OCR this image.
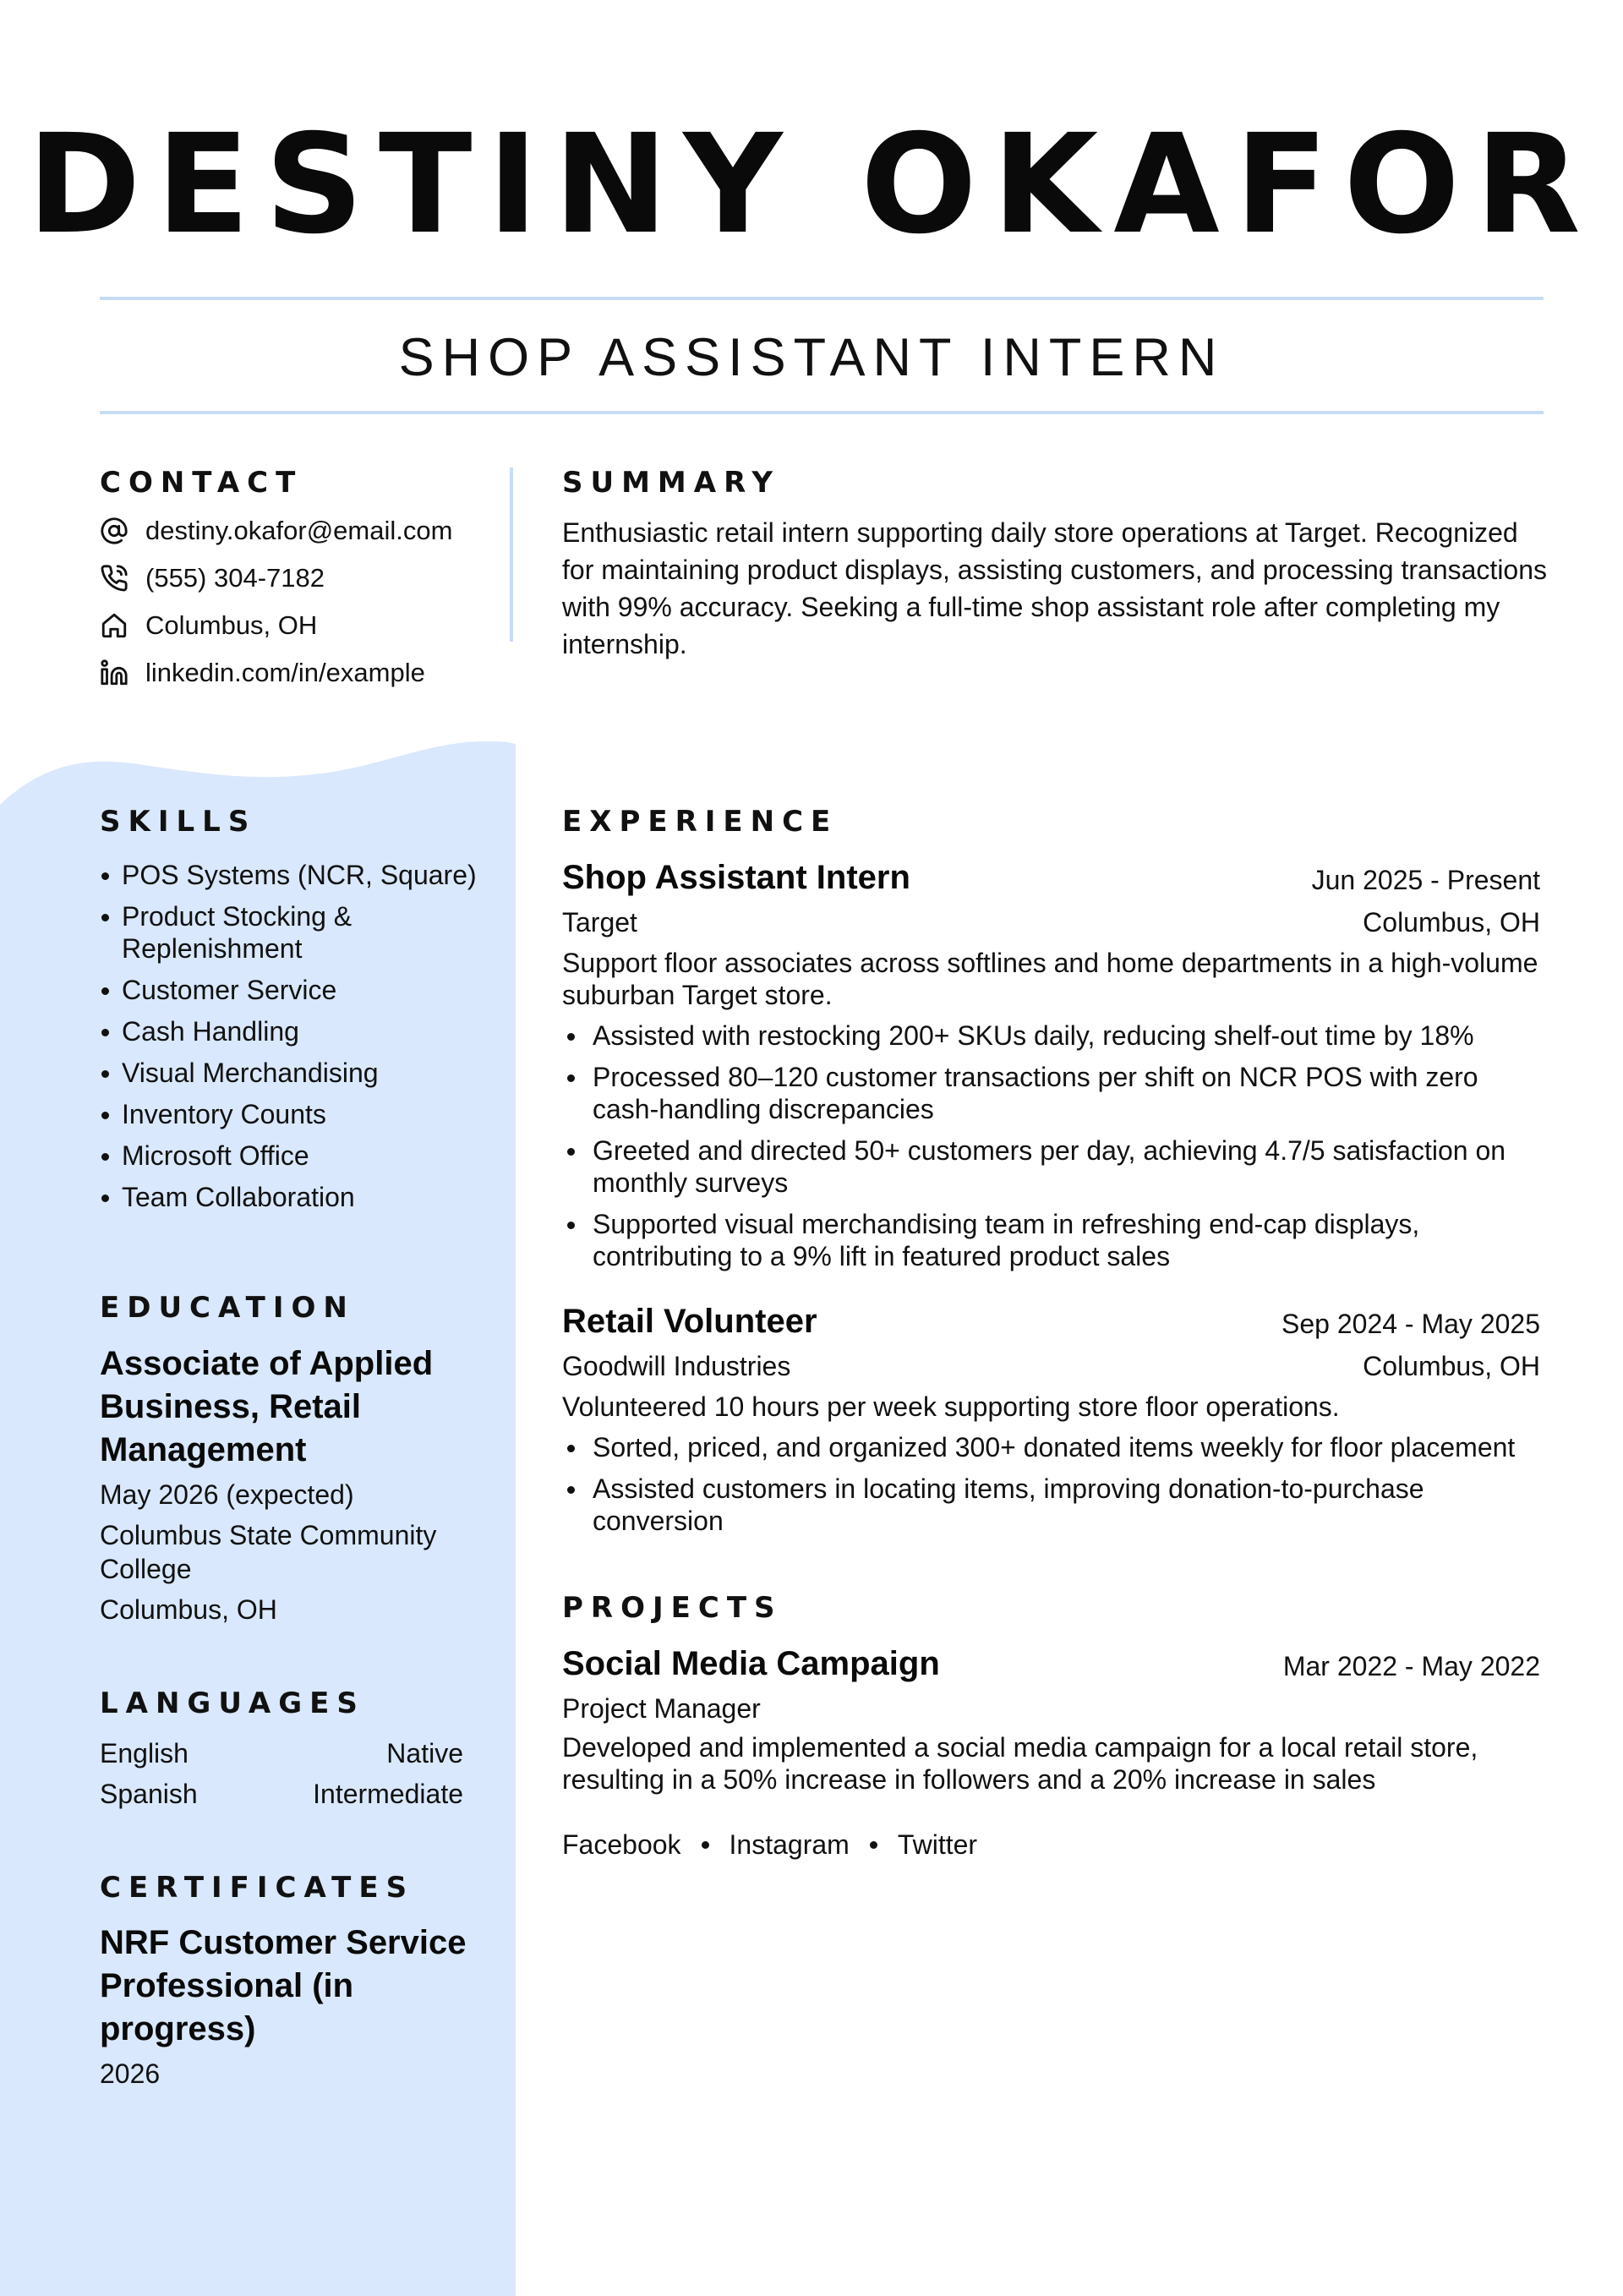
DESTINY OKAFOR
SHOP ASSISTANT INTERN
CONTACT
destiny.okafor@email.com
(555) 304-7182
Columbus, OH
linkedin.com/in/example
SUMMARY

Enthusiastic retail intern supporting daily store operations at Target. Recognized for maintaining product displays, assisting customers, and processing transactions with 99% accuracy. Seeking a full-time shop assistant role after completing my internship.

SKILLS
POS Systems (NCR, Square)
Product Stocking & Replenishment
Customer Service
Cash Handling
Visual Merchandising
Inventory Counts
Microsoft Office
Team Collaboration
EDUCATION
Associate of Applied Business, Retail Management
May 2026 (expected)
Columbus State Community College
Columbus, OH
LANGUAGES
English	Native
Spanish	Intermediate
CERTIFICATES
NRF Customer Service Professional (in progress)
2026
EXPERIENCE
Shop Assistant Intern	Jun 2025 - Present
Target	Columbus, OH

Support floor associates across softlines and home departments in a high-volume suburban Target store.

Assisted with restocking 200+ SKUs daily, reducing shelf-out time by 18%
Processed 80–120 customer transactions per shift on NCR POS with zero cash-handling discrepancies
Greeted and directed 50+ customers per day, achieving 4.7/5 satisfaction on monthly surveys
Supported visual merchandising team in refreshing end-cap displays, contributing to a 9% lift in featured product sales
Retail Volunteer	Sep 2024 - May 2025
Goodwill Industries	Columbus, OH

Volunteered 10 hours per week supporting store floor operations.

Sorted, priced, and organized 300+ donated items weekly for floor placement
Assisted customers in locating items, improving donation-to-purchase conversion
PROJECTS
Social Media Campaign	Mar 2022 - May 2022
Project Manager

Developed and implemented a social media campaign for a local retail store, resulting in a 50% increase in followers and a 20% increase in sales

Facebook Instagram Twitter
